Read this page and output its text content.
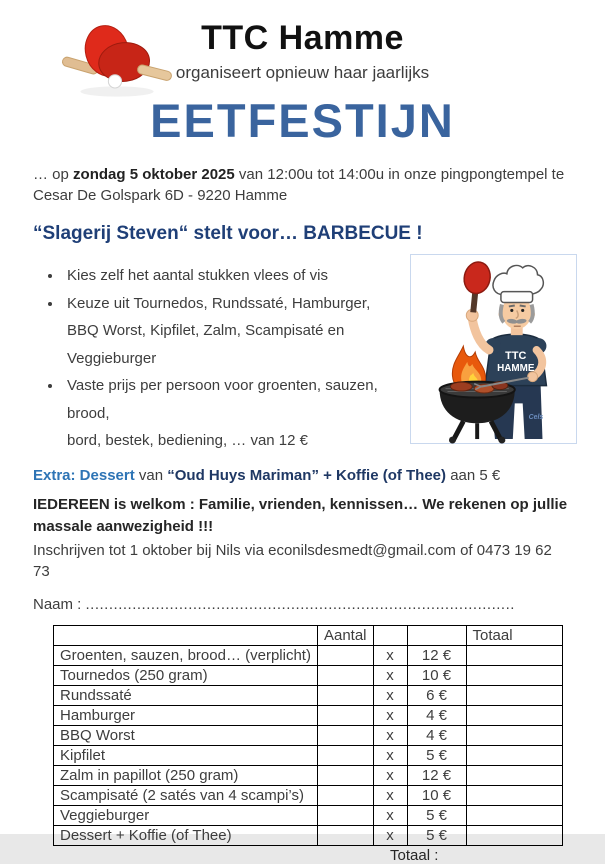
TTC Hamme
organiseert opnieuw haar jaarlijks
EETFESTIJN

… op zondag 5 oktober 2025 van 12:00u tot 14:00u in onze pingpongtempel te
Cesar De Golspark 6D - 9220 Hamme

“Slagerij Steven“ stelt voor… BARBECUE !
• Kies zelf het aantal stukken vlees of vis
• Keuze uit Tournedos, Rundssaté, Hamburger,
BBQ Worst, Kipfilet, Zalm, Scampisaté en Veggieburger
• Vaste prijs per persoon voor groenten, sauzen, brood,
bord, bestek, bediening, … van 12 €
TTC
HAMME
Cels

Extra: Dessert van “Oud Huys Mariman” + Koffie (of Thee) aan 5 €

IEDEREEN is welkom : Familie, vrienden, kennissen… We rekenen op jullie
massale aanwezigheid !!!

Inschrijven tot 1 oktober bij Nils via econilsdesmedt@gmail.com of 0473 19 62 73

Naam : ............................................................................................
	Aantal			Totaal
Groenten, sauzen, brood… (verplicht)		x	12 €	
Tournedos (250 gram)		x	10 €	
Rundssaté		x	6 €	
Hamburger		x	4 €	
BBQ Worst		x	4 €	
Kipfilet		x	5 €	
Zalm in papillot (250 gram)		x	12 €	
Scampisaté (2 satés van 4 scampi’s)		x	10 €	
Veggieburger		x	5 €	
Dessert + Koffie (of Thee)		x	5 €	
Totaal :
